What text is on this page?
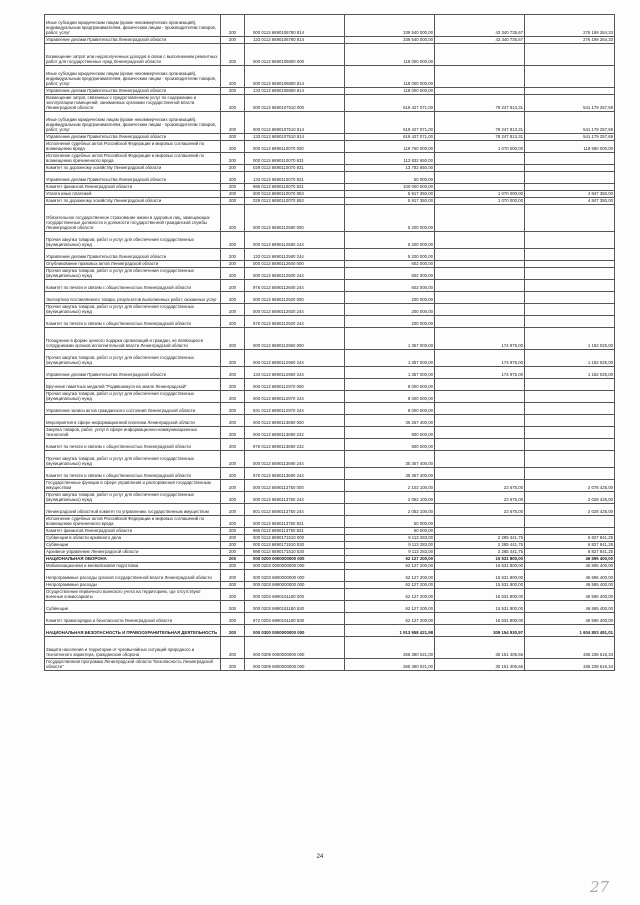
Иные субсидии юридическим лицам (кроме некоммерческих организаций), индивидуальным предпринимателям, физическим лицам - производителям товаров, работ, услуг	200	000 0113 6890106780 814	339 540 000,00	43 340 735,67	276 199 264,33
Управление делами Правительства Ленинградской области	200	133 0113 6890106780 814	339 540 000,00	43 340 735,67	276 199 264,33
Возмещение затрат или недополученных доходов в связи с выполнением ремонтных работ для государственных нужд Ленинградской области	200	000 0113 6890106800 000	118 000 000,00		
Иные субсидии юридическим лицам (кроме некоммерческих организаций), индивидуальным предпринимателям, физическим лицам - производителям товаров, работ, услуг	200	000 0113 6890106800 814	118 000 000,00		
Управление делами Правительства Ленинградской области	200	133 0113 6890106800 814	118 000 000,00		
Возмещение затрат, связанных с предоставлением услуг по содержанию и эксплуатации помещений, занимаемых органами государственной власти Ленинградской области	200	000 0113 6890107510 000	619 427 071,00	78 247 813,31	541 179 257,69
Иные субсидии юридическим лицам (кроме некоммерческих организаций), индивидуальным предпринимателям, физическим лицам - производителям товаров, работ, услуг	200	000 0113 6890107510 814	619 427 071,00	78 247 813,31	541 179 257,69
Управление делами Правительства Ленинградской области	200	133 0113 6890107510 814	619 427 071,00	78 247 813,31	541 179 257,69
Исполнение судебных актов Российской Федерации и мировых соглашений по возмещению вреда	200	000 0113 6890110070 000	119 750 000,00	1 070 000,00	118 680 000,00
Исполнение судебных актов Российской Федерации и мировых соглашений по возмещению причиненного вреда	200	000 0113 6890110070 831	113 832 650,00		
Комитет по дорожному хозяйству Ленинградской области	200	029 0113 6890110070 831	13 782 650,00		
Управление делами Правительства Ленинградской области	200	133 0113 6890110070 831	50 000,00		
Комитет финансов Ленинградской области	200	985 0113 6890110070 831	100 000 000,00		
Уплата иных платежей	200	000 0113 6890110070 853	5 917 350,00	1 070 000,00	4 847 350,00
Комитет по дорожному хозяйству Ленинградской области	200	029 0113 6890110070 853	5 917 350,00	1 070 000,00	4 847 350,00
Обязательное государственное страхование жизни и здоровья лиц, замещающих государственные должности и должности государственной гражданской службы Ленинградской области	200	000 0113 6890112580 000	5 200 000,00		
Прочая закупка товаров, работ и услуг для обеспечения государственных (муниципальных) нужд	200	000 0113 6890112580 244	5 200 000,00		
Управление делами Правительства Ленинградской области	200	133 0113 6890112580 244	5 200 000,00		
Опубликование правовых актов Ленинградской области	200	000 0113 6890112600 000	602 000,00		
Прочая закупка товаров, работ и услуг для обеспечения государственных (муниципальных) нужд	200	000 0113 6890112600 244	602 000,00		
Комитет по печати и связям с общественностью Ленинградской области	200	976 0113 6890112600 244	602 000,00		
Экспертиза поставляемого товара, результатов выполненных работ, оказанных услуг	200	000 0113 6890112920 000	200 000,00		
Прочая закупка товаров, работ и услуг для обеспечения государственных (муниципальных) нужд	200	000 0113 6890112920 244	200 000,00		
Комитет по печати и связям с общественностью Ленинградской области	200	976 0113 6890112920 244	200 000,00		
Поощрение в форме ценного подарка организаций и граждан, не являющихся сотрудниками органов исполнительной власти Ленинградской области	200	000 0113 6890112960 000	1 357 000,00	174 975,00	1 182 025,00
Прочая закупка товаров, работ и услуг для обеспечения государственных (муниципальных) нужд	200	000 0113 6890112960 244	1 357 000,00	174 975,00	1 182 025,00
Управление делами Правительства Ленинградской области	200	133 0113 6890112960 244	1 357 000,00	174 975,00	1 182 025,00
Вручение памятных медалей "Родившемуся на земле Ленинградской"	200	000 0113 6890112970 000	8 000 000,00		
Прочая закупка товаров, работ и услуг для обеспечения государственных (муниципальных) нужд	200	000 0113 6890112970 244	8 000 000,00		
Управление записи актов гражданского состояния Ленинградской области	200	931 0113 6890112970 244	8 000 000,00		
Мероприятия в сфере информационной политики Ленинградской области	200	000 0113 6890113690 000	36 257 400,00		
Закупка товаров, работ, услуг в сфере информационно-коммуникационных технологий	200	000 0113 6890113690 242	900 000,00		
Комитет по печати и связям с общественностью Ленинградской области	200	976 0113 6890113690 242	900 000,00		
Прочая закупка товаров, работ и услуг для обеспечения государственных (муниципальных) нужд	200	000 0113 6890113690 244	35 357 400,00		
Комитет по печати и связям с общественностью Ленинградской области	200	976 0113 6890113690 244	35 357 400,00		
Государственные функции в сфере управления и распоряжения государственным имуществом	200	000 0113 6890113750 000	2 102 100,00	23 675,00	2 078 425,00
Прочая закупка товаров, работ и услуг для обеспечения государственных (муниципальных) нужд	200	000 0113 6890113750 244	2 052 100,00	23 675,00	2 028 425,00
Ленинградский областной комитет по управлению государственным имуществом	200	801 0113 6890113750 244	2 052 100,00	23 675,00	2 028 425,00
Исполнение судебных актов Российской Федерации и мировых соглашений по возмещению причиненного вреда	200	000 0113 6890113750 831	50 000,00		
Комитет финансов Ленинградской области	200	985 0113 6890113750 831	50 000,00		
Субвенции в области архивного дела	200	000 0113 6890171510 000	9 113 283,00	2 285 441,75	6 827 841,25
Субвенции	200	000 0113 6890171510 530	9 113 283,00	2 285 441,75	6 827 841,25
Архивное управление Ленинградской области	200	988 0113 6890171510 530	9 113 283,00	2 285 441,75	6 827 841,25
НАЦИОНАЛЬНАЯ ОБОРОНА	200	000 0200 0000000000 000	62 127 200,00	15 531 800,00	46 595 400,00
Мобилизационная и вневойсковая подготовка	200	000 0203 0000000000 000	62 127 200,00	15 531 800,00	46 595 400,00
Непрограммные расходы органов государственной власти Ленинградской области	200	000 0203 6800000000 000	62 127 200,00	15 531 800,00	46 595 400,00
Непрограммные расходы	200	000 0203 6890000000 000	62 127 200,00	15 531 800,00	46 595 400,00
Осуществление первичного воинского учета на территориях, где отсутствуют военные комиссариаты	200	000 0203 6890151180 000	62 127 200,00	15 531 800,00	46 595 400,00
Субвенции	200	000 0203 6890151180 530	62 127 200,00	15 531 800,00	46 595 400,00
Комитет правопорядка и безопасности Ленинградской области	200	972 0203 6890151180 530	62 127 200,00	15 531 800,00	46 595 400,00
НАЦИОНАЛЬНАЯ БЕЗОПАСНОСТЬ И ПРАВООХРАНИТЕЛЬНАЯ ДЕЯТЕЛЬНОСТЬ	200	000 0300 0000000000 000	1 913 958 421,98	309 154 930,97	1 604 803 491,01
Защита населения и территории от чрезвычайных ситуаций природного и техногенного характера, гражданская оборона	200	000 0309 0000000000 000	365 390 021,00	30 151 405,66	335 238 615,34
Государственная программа Ленинградской области "Безопасность Ленинградской области"	200	000 0309 5800000000 000	365 390 021,00	30 151 405,66	335 238 615,34
24
27
